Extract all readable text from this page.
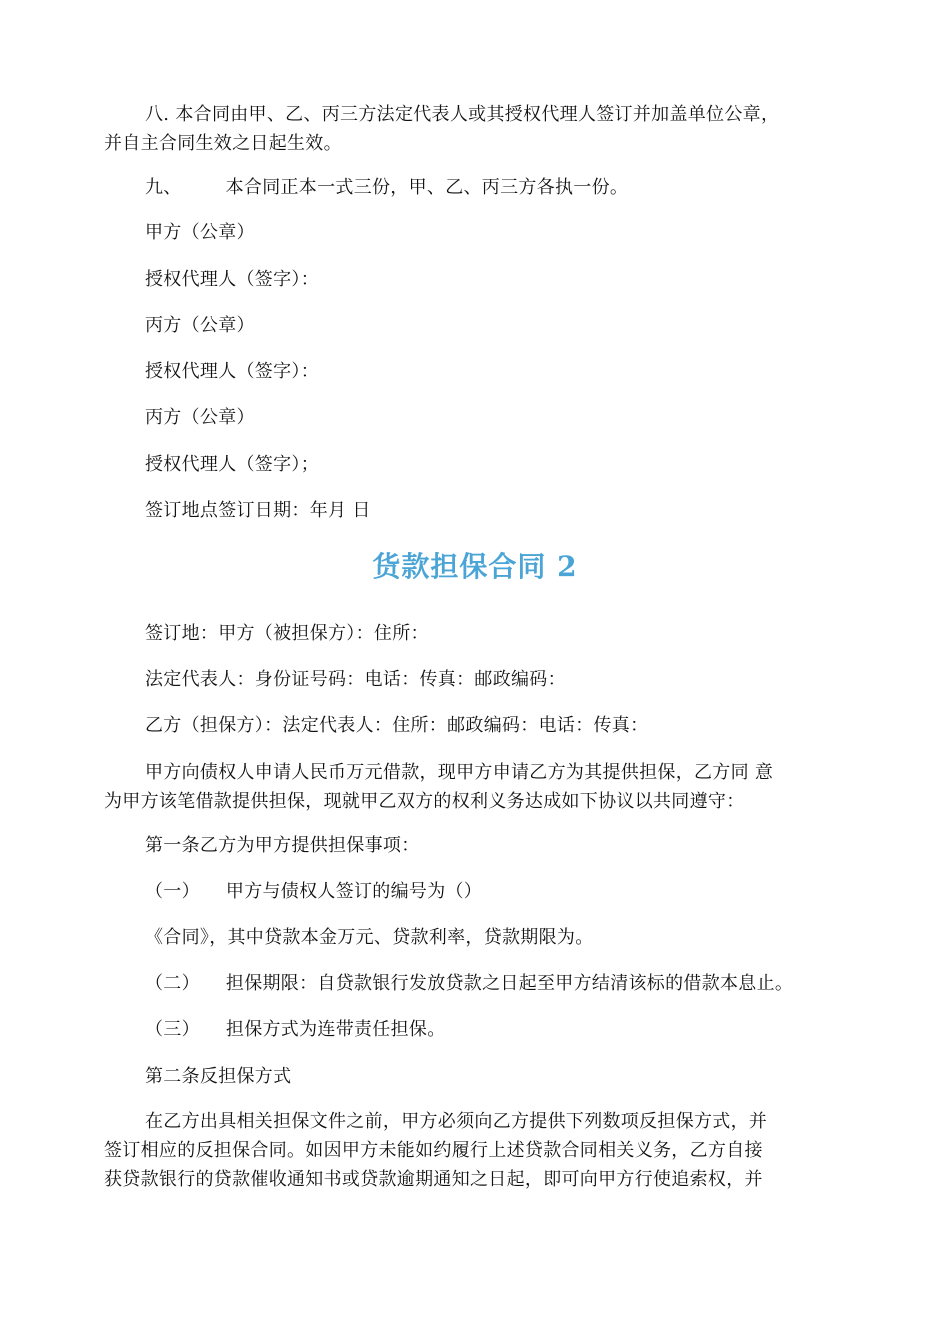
八. 本合同由甲、乙、丙三方法定代表人或其授权代理人签订并加盖单位公章，
并自主合同生效之日起生效。
九、 本合同正本一式三份，甲、乙、丙三方各执一份。
甲方（公章）
授权代理人（签字）：
丙方（公章）
授权代理人（签字）：
丙方（公章）
授权代理人（签字）；
签订地点签订日期：年月 日
货款担保合同 2
签订地：甲方（被担保方）：住所：
法定代表人：身份证号码：电话：传真：邮政编码：
乙方（担保方）：法定代表人：住所：邮政编码：电话：传真：
甲方向债权人申请人民币万元借款，现甲方申请乙方为其提供担保，乙方同 意
为甲方该笔借款提供担保，现就甲乙双方的权利义务达成如下协议以共同遵守：
第一条乙方为甲方提供担保事项：
（一） 甲方与债权人签订的编号为（）
《合同》，其中贷款本金万元、贷款利率，贷款期限为。
（二） 担保期限：自贷款银行发放贷款之日起至甲方结清该标的借款本息止。
（三） 担保方式为连带责任担保。
第二条反担保方式
在乙方出具相关担保文件之前，甲方必须向乙方提供下列数项反担保方式，并
签订相应的反担保合同。如因甲方未能如约履行上述贷款合同相关义务，乙方自接
获贷款银行的贷款催收通知书或贷款逾期通知之日起，即可向甲方行使追索权，并
